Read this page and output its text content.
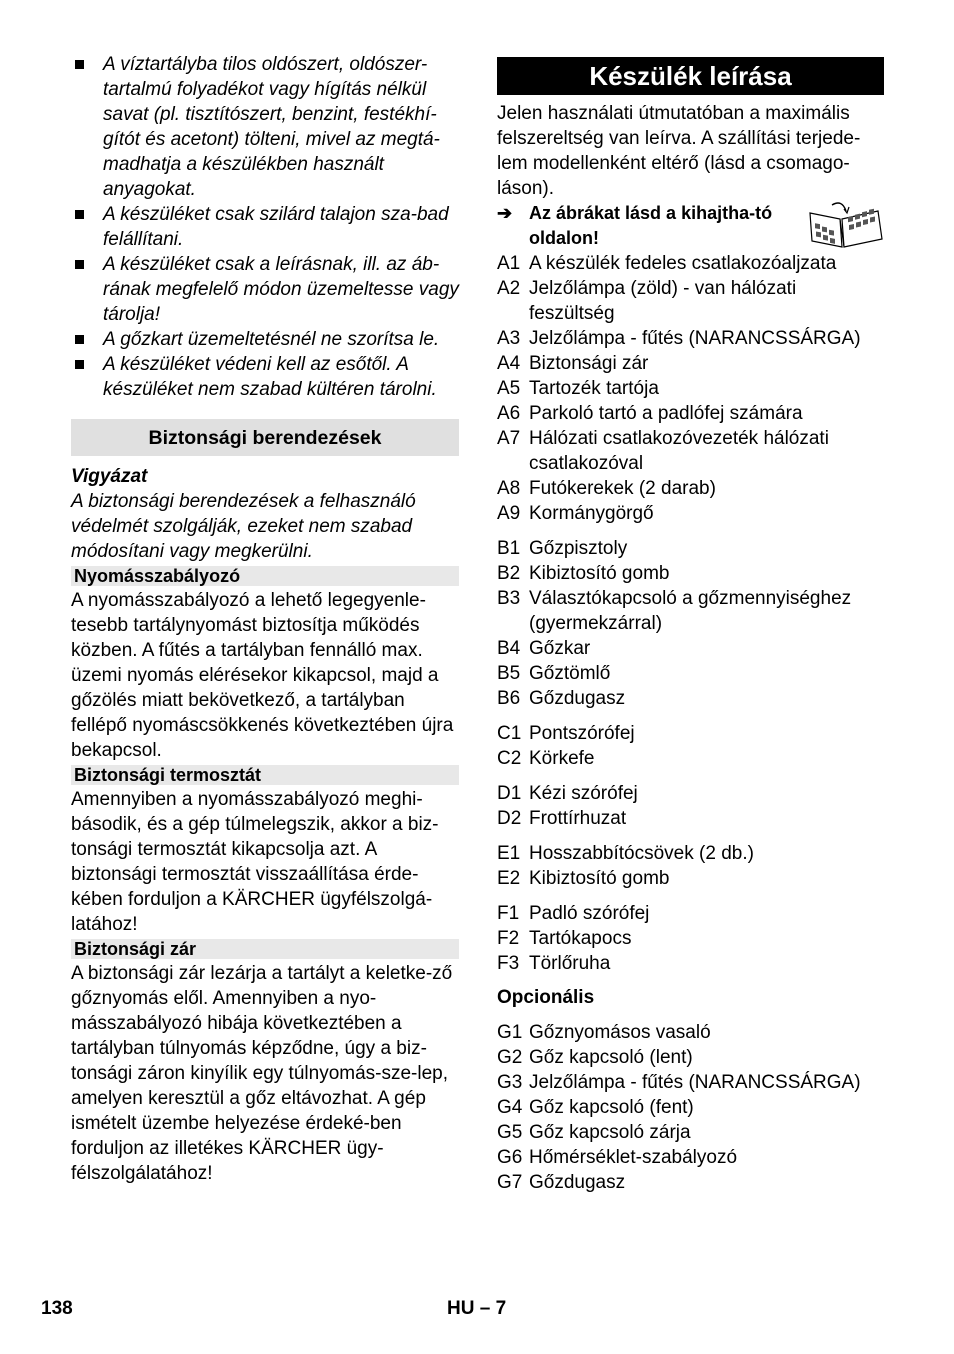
A víztartályba tilos oldószert, oldószer-tartalmú folyadékot vagy hígítás nélkül savat (pl. tisztítószert, benzint, festékhí-gítót és acetont) tölteni, mivel az megtá-madhatja a készülékben használt anyagokat.
A készüléket csak szilárd talajon sza-bad felállítani.
A készüléket csak a leírásnak, ill. az áb-rának megfelelő módon üzemeltesse vagy tárolja!
A gőzkart üzemeltetésnél ne szorítsa le.
A készüléket védeni kell az esőtől. A készüléket nem szabad kültéren tárolni.
Biztonsági berendezések
Vigyázat
A biztonsági berendezések a felhasználó védelmét szolgálják, ezeket nem szabad módosítani vagy megkerülni.
Nyomásszabályozó
A nyomásszabályozó a lehető legegyenle-tesebb tartálynyomást biztosítja működés közben. A fűtés a tartályban fennálló max. üzemi nyomás elérésekor kikapcsol, majd a gőzölés miatt bekövetkező, a tartályban fellépő nyomáscsökkenés következtében újra bekapcsol.
Biztonsági termosztát
Amennyiben a nyomásszabályozó meghi-básodik, és a gép túlmelegszik, akkor a biz-tonsági termosztát kikapcsolja azt. A biztonsági termosztát visszaállítása érde-kében forduljon a KÄRCHER ügyfélszolgá-latához!
Biztonsági zár
A biztonsági zár lezárja a tartályt a keletke-ző gőznyomás elől. Amennyiben a nyo-másszabályozó hibája következtében a tartályban túlnyomás képződne, úgy a biz-tonsági záron kinyílik egy túlnyomás-sze-lep, amelyen keresztül a gőz eltávozhat. A gép ismételt üzembe helyezése érdeké-ben forduljon az illetékes KÄRCHER ügy-félszolgálatához!
Készülék leírása
Jelen használati útmutatóban a maximális felszereltség van leírva. A szállítási terjede-lem modellenként eltérő (lásd a csomago-láson).
➔ Az ábrákat lásd a kihajtha-tó oldalon!
A1 A készülék fedeles csatlakozóaljzata
A2 Jelzőlámpa (zöld) - van hálózati feszültség
A3 Jelzőlámpa - fűtés (NARANCSSÁRGA)
A4 Biztonsági zár
A5 Tartozék tartója
A6 Parkoló tartó a padlófej számára
A7 Hálózati csatlakozóvezeték hálózati csatlakozóval
A8 Futókerekek (2 darab)
A9 Kormánygörgő
B1 Gőzpisztoly
B2 Kibiztosító gomb
B3 Választókapcsoló a gőzmennyiséghez (gyermekzárral)
B4 Gőzkar
B5 Gőztömlő
B6 Gőzdugasz
C1 Pontszórófej
C2 Körkefe
D1 Kézi szórófej
D2 Frottírhuzat
E1 Hosszabbítócsövek (2 db.)
E2 Kibiztosító gomb
F1 Padló szórófej
F2 Tartókapocs
F3 Törlőruha
Opcionális
G1 Gőznyomásos vasaló
G2 Gőz kapcsoló (lent)
G3 Jelzőlámpa - fűtés (NARANCSSÁRGA)
G4 Gőz kapcsoló (fent)
G5 Gőz kapcsoló zárja
G6 Hőmérséklet-szabályozó
G7 Gőzdugasz
138	HU – 7
